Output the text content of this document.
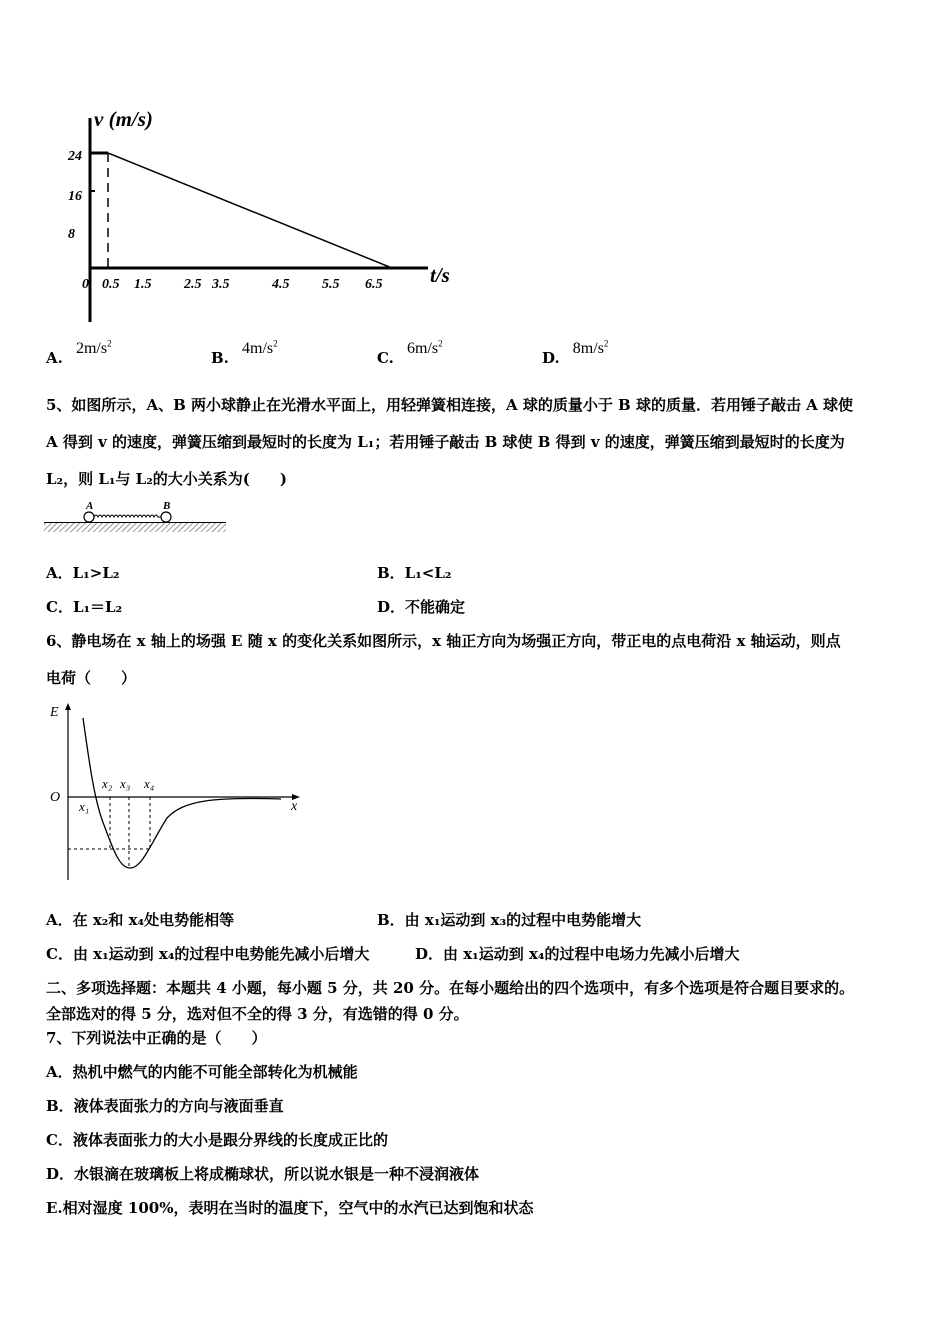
v (m/s)
24
16
8
0 0.5 1.5 2.5 3.5	4.5 5.5 6.5 t/s
A. $2m/s^2$
B. $4m/s^2$
C. $6m/s^2$
D. $8m/s^2$
5、如图所示，A、B 两小球静止在光滑水平面上，用轻弹簧相连接，A 球的质量小于 B 球的质量．若用锤子敲击 A 球使
A 得到 v 的速度，弹簧压缩到最短时的长度为 L₁；若用锤子敲击 B 球使 B 得到 v 的速度，弹簧压缩到最短时的长度为
L₂，则 L₁与 L₂的大小关系为(　　)
A	B
A．L₁>L₂	B．L₁<L₂
C．L₁＝L₂	D．不能确定
6、静电场在 x 轴上的场强 E 随 x 的变化关系如图所示，x 轴正方向为场强正方向，带正电的点电荷沿 x 轴运动，则点
电荷（　　）
E
O
x
x₁
x₂ x₃ x₄
A．在 x₂和 x₄处电势能相等	B．由 x₁运动到 x₃的过程中电势能增大
C．由 x₁运动到 x₄的过程中电势能先减小后增大	D．由 x₁运动到 x₄的过程中电场力先减小后增大
二、多项选择题：本题共 4 小题，每小题 5 分，共 20 分。在每小题给出的四个选项中，有多个选项是符合题目要求的。
全部选对的得 5 分，选对但不全的得 3 分，有选错的得 0 分。
7、下列说法中正确的是（　　）
A．热机中燃气的内能不可能全部转化为机械能
B．液体表面张力的方向与液面垂直
C．液体表面张力的大小是跟分界线的长度成正比的
D．水银滴在玻璃板上将成椭球状，所以说水银是一种不浸润液体
E.相对湿度 100%，表明在当时的温度下，空气中的水汽已达到饱和状态
